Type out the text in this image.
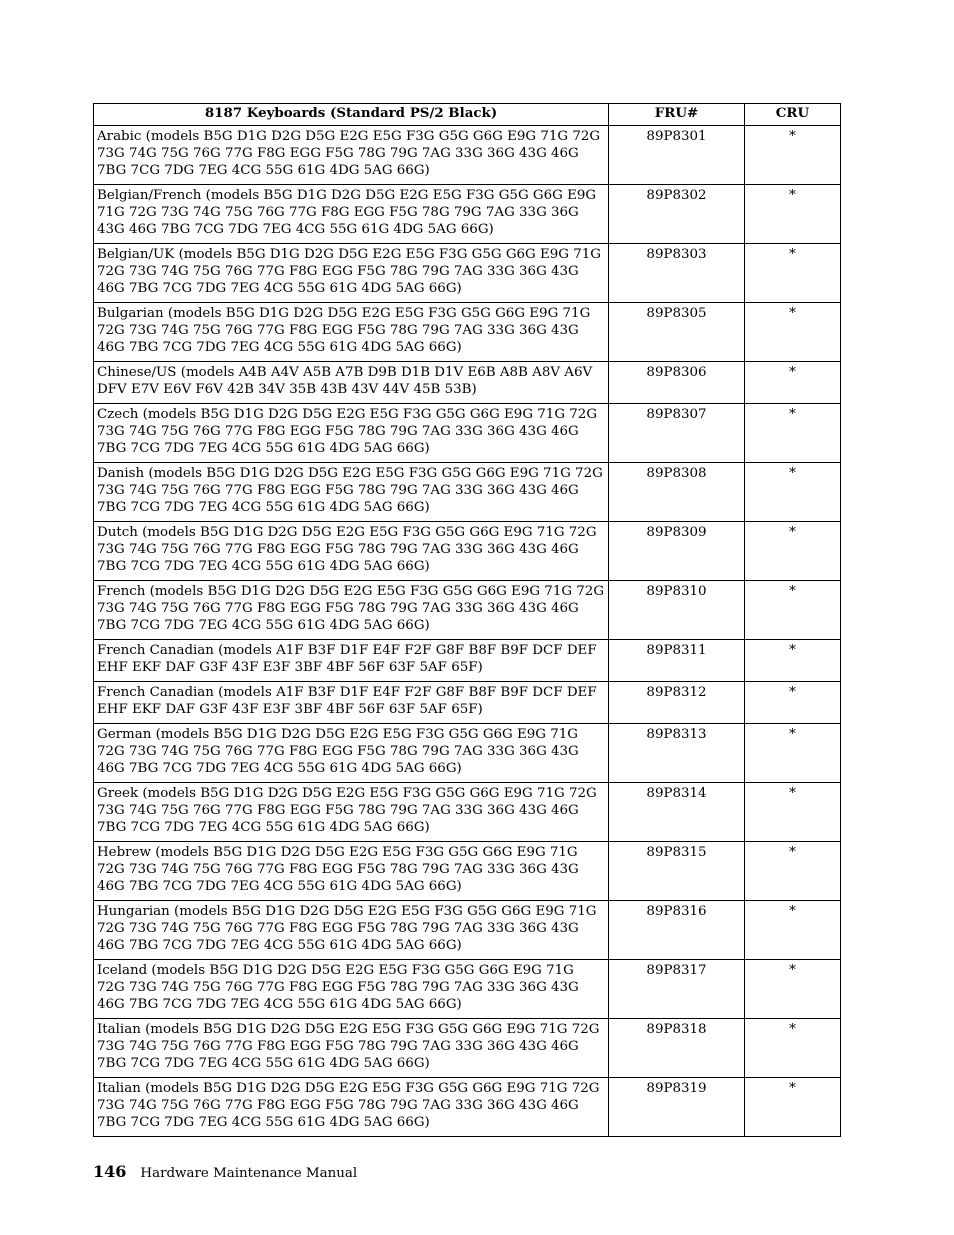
8187 Keyboards (Standard PS/2 Black)	FRU#	CRU
Arabic (models B5G D1G D2G D5G E2G E5G F3G G5G G6G E9G 71G 72G 73G 74G 75G 76G 77G F8G EGG F5G 78G 79G 7AG 33G 36G 43G 46G 7BG 7CG 7DG 7EG 4CG 55G 61G 4DG 5AG 66G)	89P8301	*
Belgian/French (models B5G D1G D2G D5G E2G E5G F3G G5G G6G E9G 71G 72G 73G 74G 75G 76G 77G F8G EGG F5G 78G 79G 7AG 33G 36G 43G 46G 7BG 7CG 7DG 7EG 4CG 55G 61G 4DG 5AG 66G)	89P8302	*
Belgian/UK (models B5G D1G D2G D5G E2G E5G F3G G5G G6G E9G 71G 72G 73G 74G 75G 76G 77G F8G EGG F5G 78G 79G 7AG 33G 36G 43G 46G 7BG 7CG 7DG 7EG 4CG 55G 61G 4DG 5AG 66G)	89P8303	*
Bulgarian (models B5G D1G D2G D5G E2G E5G F3G G5G G6G E9G 71G 72G 73G 74G 75G 76G 77G F8G EGG F5G 78G 79G 7AG 33G 36G 43G 46G 7BG 7CG 7DG 7EG 4CG 55G 61G 4DG 5AG 66G)	89P8305	*
Chinese/US (models A4B A4V A5B A7B D9B D1B D1V E6B A8B A8V A6V DFV E7V E6V F6V 42B 34V 35B 43B 43V 44V 45B 53B)	89P8306	*
Czech (models B5G D1G D2G D5G E2G E5G F3G G5G G6G E9G 71G 72G 73G 74G 75G 76G 77G F8G EGG F5G 78G 79G 7AG 33G 36G 43G 46G 7BG 7CG 7DG 7EG 4CG 55G 61G 4DG 5AG 66G)	89P8307	*
Danish (models B5G D1G D2G D5G E2G E5G F3G G5G G6G E9G 71G 72G 73G 74G 75G 76G 77G F8G EGG F5G 78G 79G 7AG 33G 36G 43G 46G 7BG 7CG 7DG 7EG 4CG 55G 61G 4DG 5AG 66G)	89P8308	*
Dutch (models B5G D1G D2G D5G E2G E5G F3G G5G G6G E9G 71G 72G 73G 74G 75G 76G 77G F8G EGG F5G 78G 79G 7AG 33G 36G 43G 46G 7BG 7CG 7DG 7EG 4CG 55G 61G 4DG 5AG 66G)	89P8309	*
French (models B5G D1G D2G D5G E2G E5G F3G G5G G6G E9G 71G 72G 73G 74G 75G 76G 77G F8G EGG F5G 78G 79G 7AG 33G 36G 43G 46G 7BG 7CG 7DG 7EG 4CG 55G 61G 4DG 5AG 66G)	89P8310	*
French Canadian (models A1F B3F D1F E4F F2F G8F B8F B9F DCF DEF EHF EKF DAF G3F 43F E3F 3BF 4BF 56F 63F 5AF 65F)	89P8311	*
French Canadian (models A1F B3F D1F E4F F2F G8F B8F B9F DCF DEF EHF EKF DAF G3F 43F E3F 3BF 4BF 56F 63F 5AF 65F)	89P8312	*
German (models B5G D1G D2G D5G E2G E5G F3G G5G G6G E9G 71G 72G 73G 74G 75G 76G 77G F8G EGG F5G 78G 79G 7AG 33G 36G 43G 46G 7BG 7CG 7DG 7EG 4CG 55G 61G 4DG 5AG 66G)	89P8313	*
Greek (models B5G D1G D2G D5G E2G E5G F3G G5G G6G E9G 71G 72G 73G 74G 75G 76G 77G F8G EGG F5G 78G 79G 7AG 33G 36G 43G 46G 7BG 7CG 7DG 7EG 4CG 55G 61G 4DG 5AG 66G)	89P8314	*
Hebrew (models B5G D1G D2G D5G E2G E5G F3G G5G G6G E9G 71G 72G 73G 74G 75G 76G 77G F8G EGG F5G 78G 79G 7AG 33G 36G 43G 46G 7BG 7CG 7DG 7EG 4CG 55G 61G 4DG 5AG 66G)	89P8315	*
Hungarian (models B5G D1G D2G D5G E2G E5G F3G G5G G6G E9G 71G 72G 73G 74G 75G 76G 77G F8G EGG F5G 78G 79G 7AG 33G 36G 43G 46G 7BG 7CG 7DG 7EG 4CG 55G 61G 4DG 5AG 66G)	89P8316	*
Iceland (models B5G D1G D2G D5G E2G E5G F3G G5G G6G E9G 71G 72G 73G 74G 75G 76G 77G F8G EGG F5G 78G 79G 7AG 33G 36G 43G 46G 7BG 7CG 7DG 7EG 4CG 55G 61G 4DG 5AG 66G)	89P8317	*
Italian (models B5G D1G D2G D5G E2G E5G F3G G5G G6G E9G 71G 72G 73G 74G 75G 76G 77G F8G EGG F5G 78G 79G 7AG 33G 36G 43G 46G 7BG 7CG 7DG 7EG 4CG 55G 61G 4DG 5AG 66G)	89P8318	*
Italian (models B5G D1G D2G D5G E2G E5G F3G G5G G6G E9G 71G 72G 73G 74G 75G 76G 77G F8G EGG F5G 78G 79G 7AG 33G 36G 43G 46G 7BG 7CG 7DG 7EG 4CG 55G 61G 4DG 5AG 66G)	89P8319	*
146 Hardware Maintenance Manual
